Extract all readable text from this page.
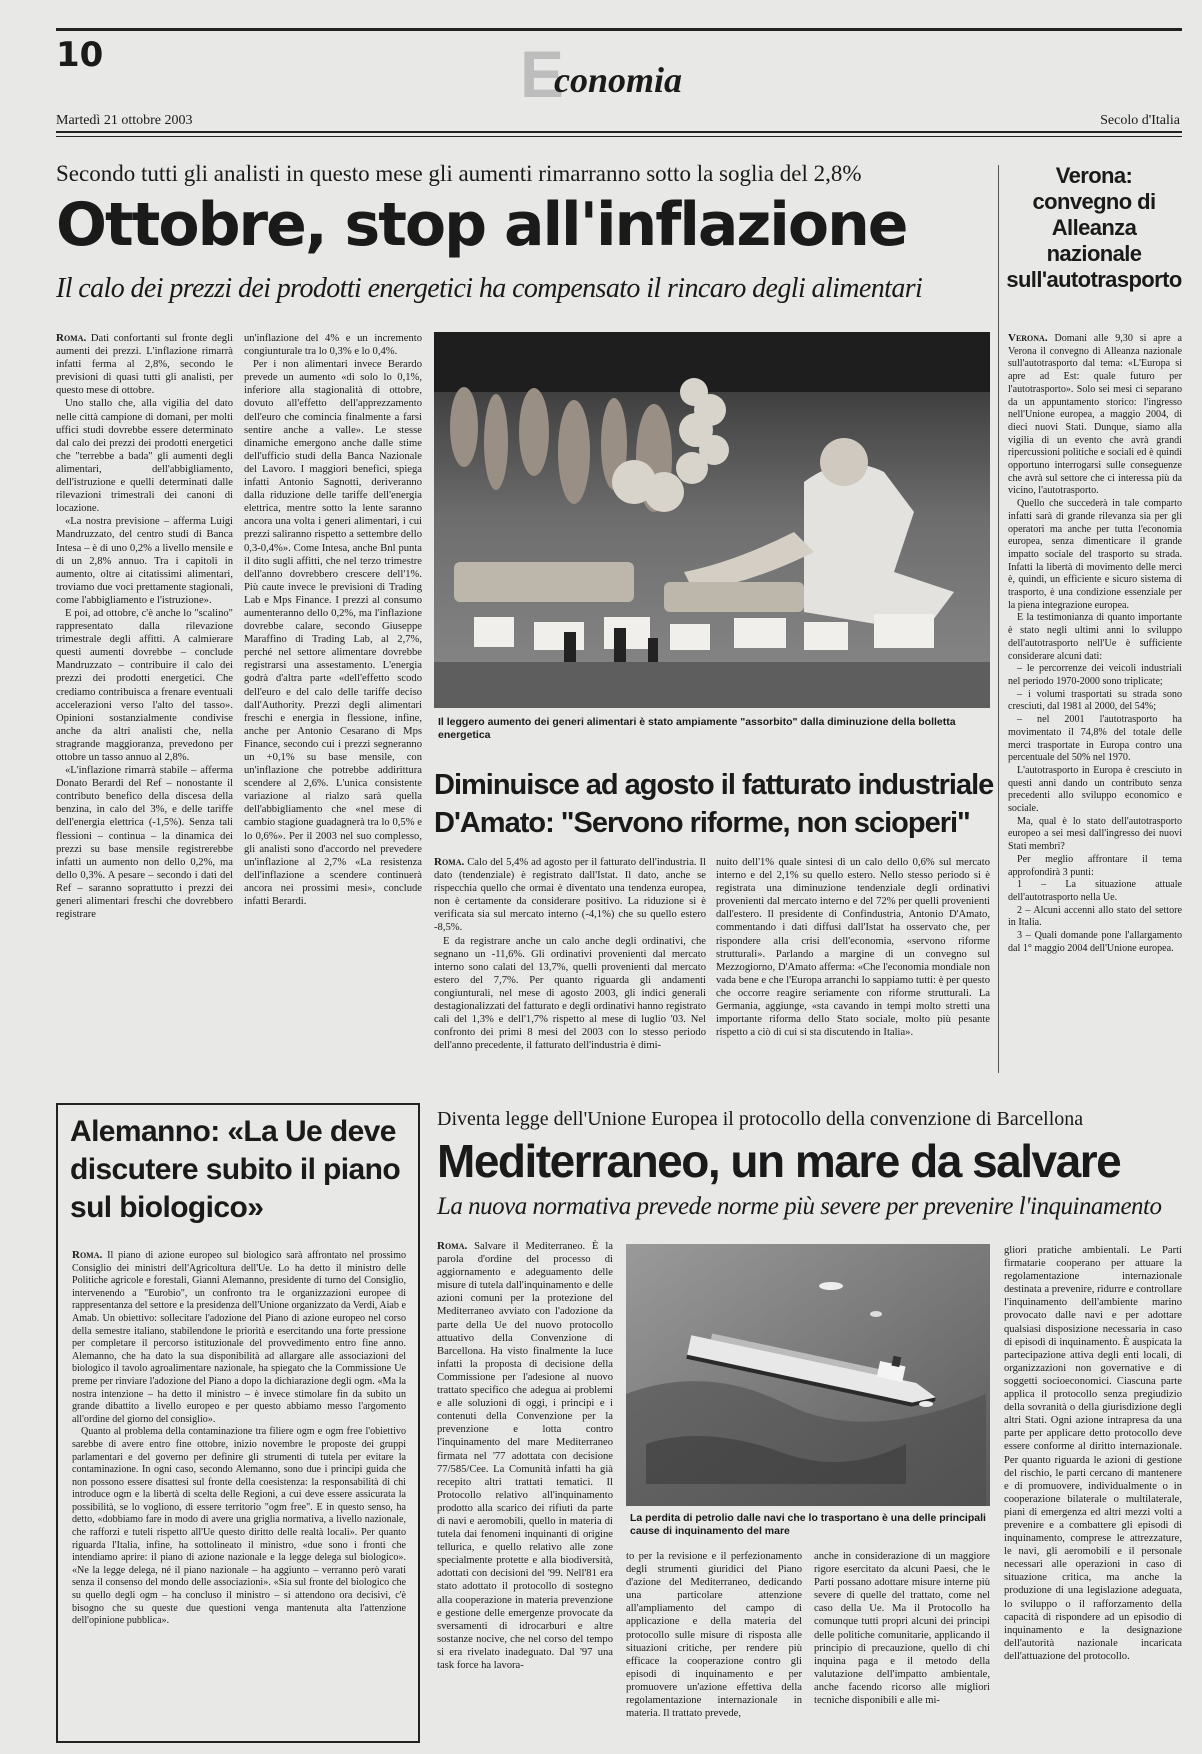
10	E
conomia
Martedì 21 ottobre 2003	Secolo d'Italia
Secondo tutti gli analisti in questo mese gli aumenti rimarranno sotto la soglia del 2,8%
Ottobre, stop all'inflazione
Il calo dei prezzi dei prodotti energetici ha compensato il rincaro degli alimentari

Roma. Dati confortanti sul fronte degli aumenti dei prezzi. L'inflazione rimarrà infatti ferma al 2,8%, secondo le previsioni di quasi tutti gli analisti, per questo mese di ottobre.

Uno stallo che, alla vigilia del dato nelle città campione di domani, per molti uffici studi dovrebbe essere determinato dal calo dei prezzi dei prodotti energetici che "terrebbe a bada" gli aumenti degli alimentari, dell'abbigliamento, dell'istruzione e quelli determinati dalle rilevazioni trimestrali dei canoni di locazione.

«La nostra previsione – afferma Luigi Mandruzzato, del centro studi di Banca Intesa – è di uno 0,2% a livello mensile e di un 2,8% annuo. Tra i capitoli in aumento, oltre ai citatissimi alimentari, troviamo due voci prettamente stagionali, come l'abbigliamento e l'istruzione».

E poi, ad ottobre, c'è anche lo "scalino" rappresentato dalla rilevazione trimestrale degli affitti. A calmierare questi aumenti dovrebbe – conclude Mandruzzato – contribuire il calo dei prezzi dei prodotti energetici. Che crediamo contribuisca a frenare eventuali accelerazioni verso l'alto del tasso». Opinioni sostanzialmente condivise anche da altri analisti che, nella stragrande maggioranza, prevedono per ottobre un tasso annuo al 2,8%.

«L'inflazione rimarrà stabile – afferma Donato Berardi del Ref – nonostante il contributo benefico della discesa della benzina, in calo del 3%, e delle tariffe dell'energia elettrica (-1,5%). Senza tali flessioni – continua – la dinamica dei prezzi su base mensile registrerebbe infatti un aumento non dello 0,2%, ma dello 0,3%. A pesare – secondo i dati del Ref – saranno soprattutto i prezzi dei generi alimentari freschi che dovrebbero registrare

un'inflazione del 4% e un incremento congiunturale tra lo 0,3% e lo 0,4%.

Per i non alimentari invece Berardo prevede un aumento «di solo lo 0,1%, inferiore alla stagionalità di ottobre, dovuto all'effetto dell'apprezzamento dell'euro che comincia finalmente a farsi sentire anche a valle». Le stesse dinamiche emergono anche dalle stime dell'ufficio studi della Banca Nazionale del Lavoro. I maggiori benefici, spiega infatti Antonio Sagnotti, deriveranno dalla riduzione delle tariffe dell'energia elettrica, mentre sotto la lente saranno ancora una volta i generi alimentari, i cui prezzi saliranno rispetto a settembre dello 0,3-0,4%». Come Intesa, anche Bnl punta il dito sugli affitti, che nel terzo trimestre dell'anno dovrebbero crescere dell'1%. Più caute invece le previsioni di Trading Lab e Mps Finance. I prezzi al consumo aumenteranno dello 0,2%, ma l'inflazione dovrebbe calare, secondo Giuseppe Maraffino di Trading Lab, al 2,7%, perché nel settore alimentare dovrebbe registrarsi una assestamento. L'energia godrà d'altra parte «dell'effetto scodo dell'euro e del calo delle tariffe deciso dall'Authority. Prezzi degli alimentari freschi e energia in flessione, infine, anche per Antonio Cesarano di Mps Finance, secondo cui i prezzi segneranno un +0,1% su base mensile, con un'inflazione che potrebbe addirittura scendere al 2,6%. L'unica consistente variazione al rialzo sarà quella dell'abbigliamento che «nel mese di cambio stagione guadagnerà tra lo 0,5% e lo 0,6%». Per il 2003 nel suo complesso, gli analisti sono d'accordo nel prevedere un'inflazione al 2,7% «La resistenza dell'inflazione a scendere continuerà ancora nei prossimi mesi», conclude infatti Berardi.

Il leggero aumento dei generi alimentari è stato ampiamente "assorbito" dalla diminuzione della bolletta energetica
Diminuisce ad agosto il fatturato industriale
D'Amato: "Servono riforme, non scioperi"

Roma. Calo del 5,4% ad agosto per il fatturato dell'industria. Il dato (tendenziale) è registrato dall'Istat. Il dato, anche se rispecchia quello che ormai è diventato una tendenza europea, non è certamente da considerare positivo. La riduzione si è verificata sia sul mercato interno (-4,1%) che su quello estero -8,5%.

E da registrare anche un calo anche degli ordinativi, che segnano un -11,6%. Gli ordinativi provenienti dal mercato interno sono calati del 13,7%, quelli provenienti dal mercato estero del 7,7%. Per quanto riguarda gli andamenti congiunturali, nel mese di agosto 2003, gli indici generali destagionalizzati del fatturato e degli ordinativi hanno registrato cali del 1,3% e dell'1,7% rispetto al mese di luglio '03. Nel confronto dei primi 8 mesi del 2003 con lo stesso periodo dell'anno precedente, il fatturato dell'industria è dimi-

nuito dell'1% quale sintesi di un calo dello 0,6% sul mercato interno e del 2,1% su quello estero. Nello stesso periodo si è registrata una diminuzione tendenziale degli ordinativi provenienti dal mercato interno e del 72% per quelli provenienti dall'estero. Il presidente di Confindustria, Antonio D'Amato, commentando i dati diffusi dall'Istat ha osservato che, per rispondere alla crisi dell'economia, «servono riforme strutturali». Parlando a margine di un convegno sul Mezzogiorno, D'Amato afferma: «Che l'economia mondiale non vada bene e che l'Europa arranchi lo sappiamo tutti: è per questo che occorre reagire seriamente con riforme strutturali. La Germania, aggiunge, «sta cavando in tempi molto stretti una importante riforma dello Stato sociale, molto più pesante rispetto a ciò di cui si sta discutendo in Italia».

Verona: convegno di Alleanza nazionale sull'autotrasporto

Verona. Domani alle 9,30 si apre a Verona il convegno di Alleanza nazionale sull'autotrasporto dal tema: «L'Europa si apre ad Est: quale futuro per l'autotrasporto». Solo sei mesi ci separano da un appuntamento storico: l'ingresso nell'Unione europea, a maggio 2004, di dieci nuovi Stati. Dunque, siamo alla vigilia di un evento che avrà grandi ripercussioni politiche e sociali ed è quindi opportuno interrogarsi sulle conseguenze che avrà sul settore che ci interessa più da vicino, l'autotrasporto.

Quello che succederà in tale comparto infatti sarà di grande rilevanza sia per gli operatori ma anche per tutta l'economia europea, senza dimenticare il grande impatto sociale del trasporto su strada. Infatti la libertà di movimento delle merci è, quindi, un efficiente e sicuro sistema di trasporto, è una condizione essenziale per la piena integrazione europea.

E la testimonianza di quanto importante è stato negli ultimi anni lo sviluppo dell'autotrasporto nell'Ue è sufficiente considerare alcuni dati:

– le percorrenze dei veicoli industriali nel periodo 1970-2000 sono triplicate;

– i volumi trasportati su strada sono cresciuti, dal 1981 al 2000, del 54%;

– nel 2001 l'autotrasporto ha movimentato il 74,8% del totale delle merci trasportate in Europa contro una percentuale del 50% nel 1970.

L'autotrasporto in Europa è cresciuto in questi anni dando un contributo senza precedenti allo sviluppo economico e sociale.

Ma, qual è lo stato dell'autotrasporto europeo a sei mesi dall'ingresso dei nuovi Stati membri?

Per meglio affrontare il tema approfondirà 3 punti:

1 – La situazione attuale dell'autotrasporto nella Ue.

2 – Alcuni accenni allo stato del settore in Italia.

3 – Quali domande pone l'allargamento dal 1° maggio 2004 dell'Unione europea.

Alemanno: «La Ue deve discutere subito il piano sul biologico»

Roma. Il piano di azione europeo sul biologico sarà affrontato nel prossimo Consiglio dei ministri dell'Agricoltura dell'Ue. Lo ha detto il ministro delle Politiche agricole e forestali, Gianni Alemanno, presidente di turno del Consiglio, intervenendo a "Eurobio", un confronto tra le organizzazioni europee di rappresentanza del settore e la presidenza dell'Unione organizzato da Verdi, Aiab e Amab. Un obiettivo: sollecitare l'adozione del Piano di azione europeo nel corso della semestre italiano, stabilendone le priorità e esercitando una forte pressione per completare il percorso istituzionale del provvedimento entro fine anno. Alemanno, che ha dato la sua disponibilità ad allargare alle associazioni del biologico il tavolo agroalimentare nazionale, ha spiegato che la Commissione Ue preme per rinviare l'adozione del Piano a dopo la dichiarazione degli ogm. «Ma la nostra intenzione – ha detto il ministro – è invece stimolare fin da subito un grande dibattito a livello europeo e per questo abbiamo messo l'argomento all'ordine del giorno del consiglio».

Quanto al problema della contaminazione tra filiere ogm e ogm free l'obiettivo sarebbe di avere entro fine ottobre, inizio novembre le proposte dei gruppi parlamentari e del governo per definire gli strumenti di tutela per evitare la contaminazione. In ogni caso, secondo Alemanno, sono due i principi guida che non possono essere disattesi sul fronte della coesistenza: la responsabilità di chi introduce ogm e la libertà di scelta delle Regioni, a cui deve essere assicurata la possibilità, se lo vogliono, di essere territorio "ogm free". E in questo senso, ha detto, «dobbiamo fare in modo di avere una griglia normativa, a livello nazionale, che rafforzi e tuteli rispetto all'Ue questo diritto delle realtà locali». Per quanto riguarda l'Italia, infine, ha sottolineato il ministro, «due sono i fronti che intendiamo aprire: il piano di azione nazionale e la legge delega sul biologico». «Ne la legge delega, né il piano nazionale – ha aggiunto – verranno però varati senza il consenso del mondo delle associazioni». «Sia sul fronte del biologico che su quello degli ogm – ha concluso il ministro – si attendono ora decisivi, c'è bisogno che su queste due questioni venga mantenuta alta l'attenzione dell'opinione pubblica».

Diventa legge dell'Unione Europea il protocollo della convenzione di Barcellona
Mediterraneo, un mare da salvare
La nuova normativa prevede norme più severe per prevenire l'inquinamento

Roma. Salvare il Mediterraneo. È la parola d'ordine del processo di aggiornamento e adeguamento delle misure di tutela dall'inquinamento e delle azioni comuni per la protezione del Mediterraneo avviato con l'adozione da parte della Ue del nuovo protocollo attuativo della Convenzione di Barcellona. Ha visto finalmente la luce infatti la proposta di decisione della Commissione per l'adesione al nuovo trattato specifico che adegua ai problemi e alle soluzioni di oggi, i principi e i contenuti della Convenzione per la prevenzione e lotta contro l'inquinamento del mare Mediterraneo firmata nel '77 adottata con decisione 77/585/Cee. La Comunità infatti ha già recepito altri trattati tematici. Il Protocollo relativo all'inquinamento prodotto alla scarico dei rifiuti da parte di navi e aeromobili, quello in materia di tutela dai fenomeni inquinanti di origine tellurica, e quello relativo alle zone specialmente protette e alla biodiversità, adottati con decisioni del '99. Nell'81 era stato adottato il protocollo di sostegno alla cooperazione in materia prevenzione e gestione delle emergenze provocate da sversamenti di idrocarburi e altre sostanze nocive, che nel corso del tempo si era rivelato inadeguato. Dal '97 una task force ha lavora-

La perdita di petrolio dalle navi che lo trasportano è una delle principali cause di inquinamento del mare

to per la revisione e il perfezionamento degli strumenti giuridici del Piano d'azione del Mediterraneo, dedicando una particolare attenzione all'ampliamento del campo di applicazione e della materia del protocollo sulle misure di risposta alle situazioni critiche, per rendere più efficace la cooperazione contro gli episodi di inquinamento e per promuovere un'azione effettiva della regolamentazione internazionale in materia. Il trattato prevede,

anche in considerazione di un maggiore rigore esercitato da alcuni Paesi, che le Parti possano adottare misure interne più severe di quelle del trattato, come nel caso della Ue. Ma il Protocollo ha comunque tutti propri alcuni dei principi delle politiche comunitarie, applicando il principio di precauzione, quello di chi inquina paga e il metodo della valutazione dell'impatto ambientale, anche facendo ricorso alle migliori tecniche disponibili e alle mi-

gliori pratiche ambientali. Le Parti firmatarie cooperano per attuare la regolamentazione internazionale destinata a prevenire, ridurre e controllare l'inquinamento dell'ambiente marino provocato dalle navi e per adottare qualsiasi disposizione necessaria in caso di episodi di inquinamento. È auspicata la partecipazione attiva degli enti locali, di organizzazioni non governative e di soggetti socioeconomici. Ciascuna parte applica il protocollo senza pregiudizio della sovranità o della giurisdizione degli altri Stati. Ogni azione intrapresa da una parte per applicare detto protocollo deve essere conforme al diritto internazionale. Per quanto riguarda le azioni di gestione del rischio, le parti cercano di mantenere e di promuovere, individualmente o in cooperazione bilaterale o multilaterale, piani di emergenza ed altri mezzi volti a prevenire e a combattere gli episodi di inquinamento, comprese le attrezzature, le navi, gli aeromobili e il personale necessari alle operazioni in caso di situazione critica, ma anche la produzione di una legislazione adeguata, lo sviluppo o il rafforzamento della capacità di rispondere ad un episodio di inquinamento e la designazione dell'autorità nazionale incaricata dell'attuazione del protocollo.
